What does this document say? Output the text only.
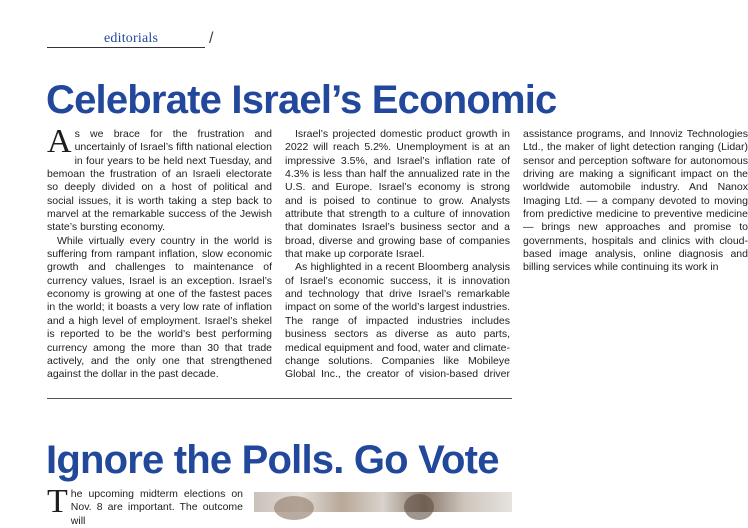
editorials	/
Celebrate Israel’s Economic

As we brace for the frustration and uncertainly of Israel’s fifth national election in four years to be held next Tuesday, and bemoan the frustration of an Israeli electorate so deeply divided on a host of political and social issues, it is worth taking a step back to marvel at the remarkable success of the Jewish state’s bursting economy.

While virtually every country in the world is suffering from rampant inflation, slow economic growth and challenges to maintenance of currency values, Israel is an exception. Israel’s economy is growing at one of the fastest paces in the world; it boasts a very low rate of inflation and a high level of employment. Israel’s shekel is reported to be the world’s best performing currency among the more than 30 that trade actively, and the only one that strengthened against the dollar in the past decade.

Israel’s projected domestic product growth in 2022 will reach 5.2%. Unemployment is at an impressive 3.5%, and Israel’s inflation rate of 4.3% is less than half the annualized rate in the U.S. and Europe. Israel’s economy is strong and is poised to continue to grow. Analysts attribute that strength to a culture of innovation that dominates Israel’s business sector and a broad, diverse and growing base of companies that make up corporate Israel.

As highlighted in a recent Bloomberg analysis of Israel’s economic success, it is innovation and technology that drive Israel’s remarkable impact on some of the world’s largest industries. The range of impacted industries includes business sectors as diverse as auto parts, medical equipment and food, water and climate-change solutions. Companies like Mobileye Global Inc., the creator of vision-based driver assistance programs, and Innoviz Technologies Ltd., the maker of light detection ranging (Lidar) sensor and perception software for autonomous driving are making a significant impact on the worldwide automobile industry. And Nanox Imaging Ltd. — a company devoted to moving from predictive medicine to preventive medicine — brings new approaches and promise to governments, hospitals and clinics with cloud-based image analysis, online diagnosis and billing services while continuing its work in

Ignore the Polls. Go Vote

The upcoming midterm elections on Nov. 8 are important. The outcome will
